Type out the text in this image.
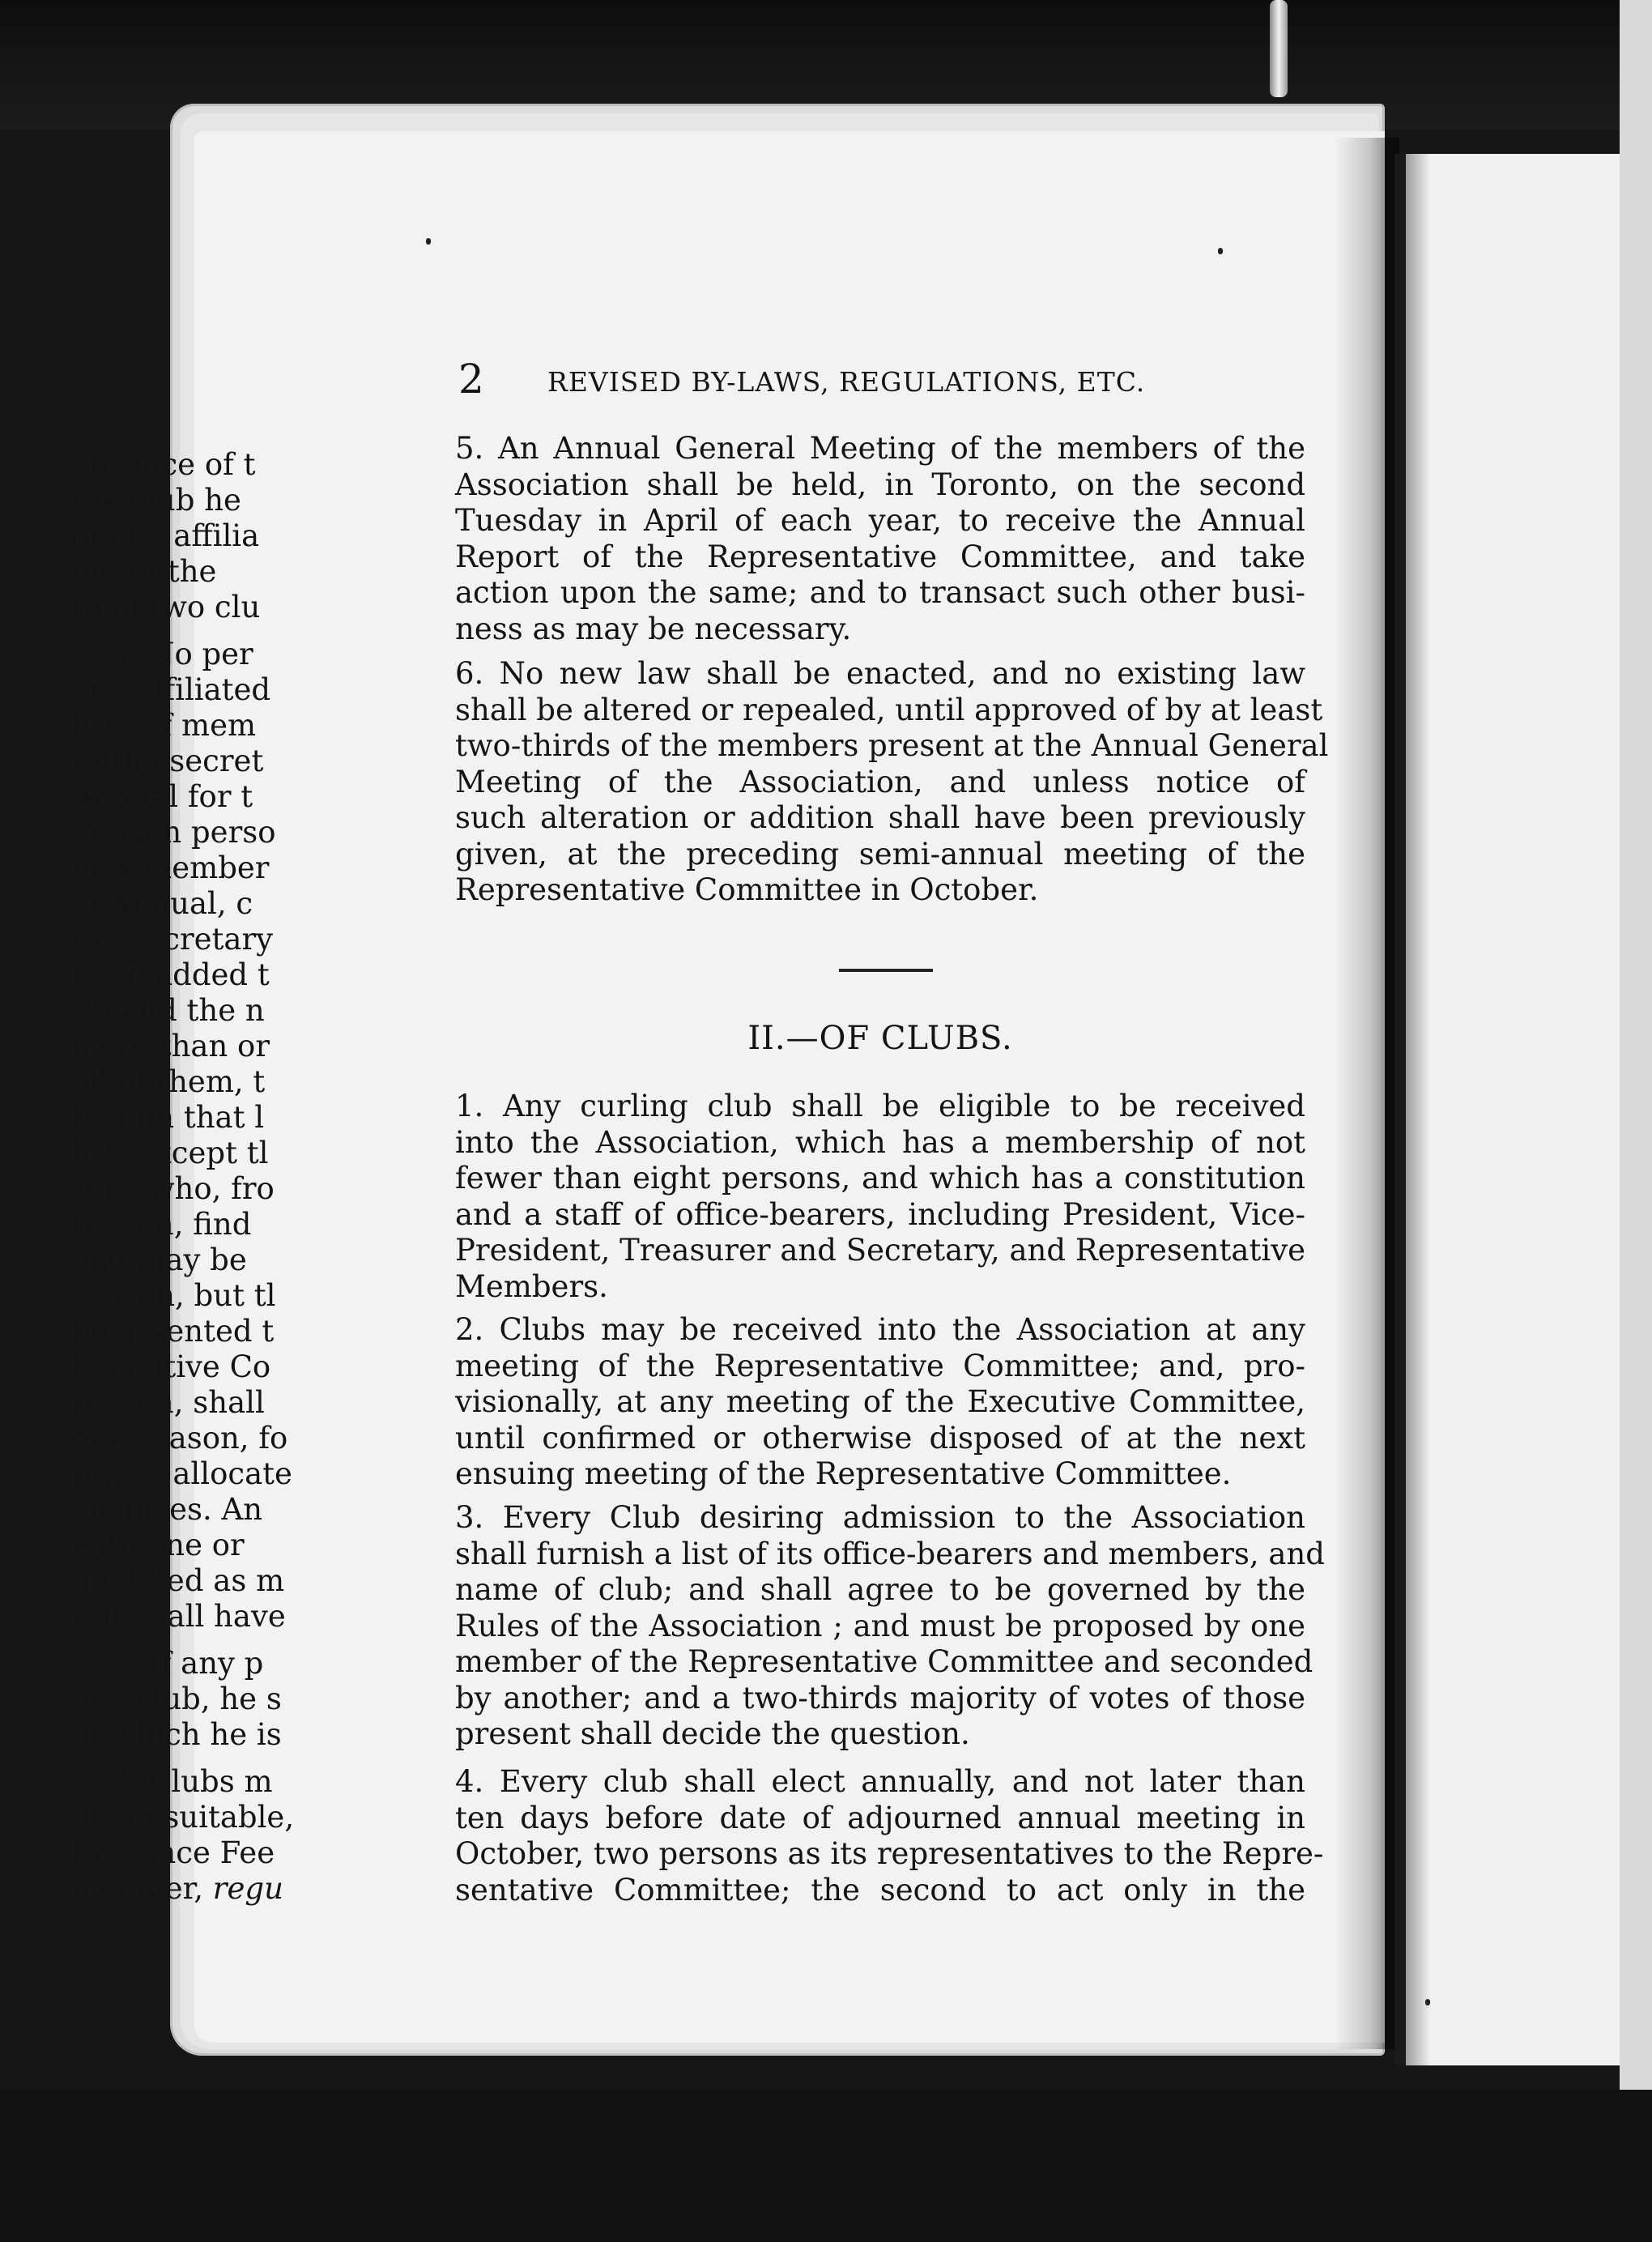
2 REVISED BY-LAWS, REGULATIONS, ETC.
5. An Annual General Meeting of the members of the
Association shall be held, in Toronto, on the second
Tuesday in April of each year, to receive the Annual
Report of the Representative Committee, and take
action upon the same; and to transact such other busi-
ness as may be necessary.
6. No new law shall be enacted, and no existing law
shall be altered or repealed, until approved of by at least
two-thirds of the members present at the Annual General
Meeting of the Association, and unless notice of
such alteration or addition shall have been previously
given, at the preceding semi-annual meeting of the
Representative Committee in October.
II.—OF CLUBS.
1. Any curling club shall be eligible to be received
into the Association, which has a membership of not
fewer than eight persons, and which has a constitution
and a staff of office-bearers, including President, Vice-
President, Treasurer and Secretary, and Representative
Members.
2. Clubs may be received into the Association at any
meeting of the Representative Committee; and, pro-
visionally, at any meeting of the Executive Committee,
until confirmed or otherwise disposed of at the next
ensuing meeting of the Representative Committee.
3. Every Club desiring admission to the Association
shall furnish a list of its office-bearers and members, and
name of club; and shall agree to be governed by the
Rules of the Association ; and must be proposed by one
member of the Representative Committee and seconded
by another; and a two-thirds majority of votes of those
present shall decide the question.
4. Every club shall elect annually, and not later than
ten days before date of adjourned annual meeting in
October, two persons as its representatives to the Repre-
sentative Committee; the second to act only in the
absence of t
the club he
of any affilia
ing of the
than two clu
5. No per
one affiliated
lists of mem
to the secret
Annual for t
of each perso
new member
of Annual, c
the secretary
been added t
Should the n
more than or
all of them, t
by him that l
list, except tl
sons who, fro
reason, find
and may be
season, but tl
be assented t
Executive Co
reason, shall
one season, fo
prizes allocate
auspices. An
with one or
qualified as m
if it shall have
6. If any p
one club, he s
of which he is
7. Clubs m
deem suitable,
Entrance Fee
member, regu
